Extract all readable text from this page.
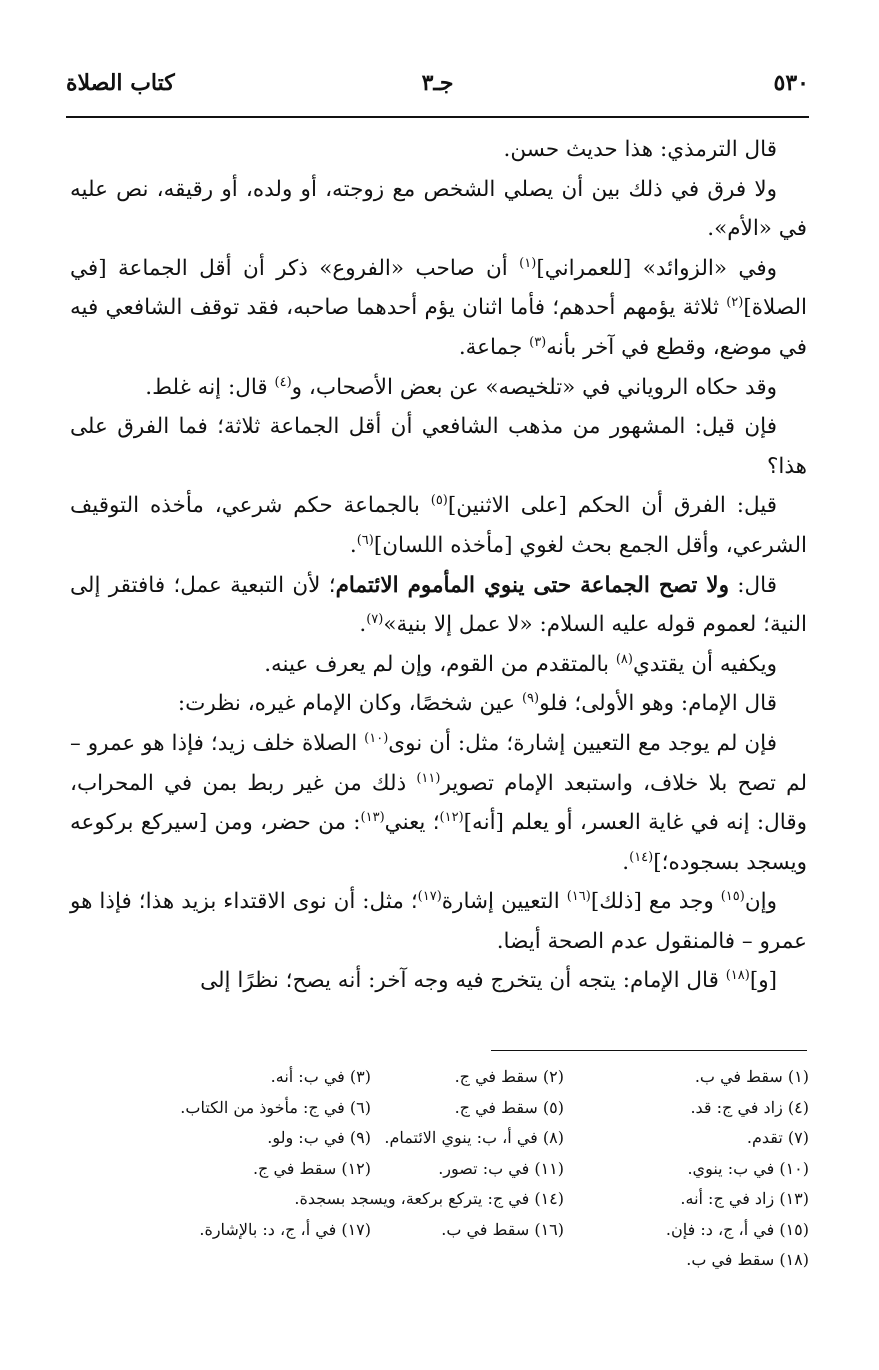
٥٣٠
جـ٣
كتاب الصلاة

قال الترمذي: هذا حديث حسن.

ولا فرق في ذلك بين أن يصلي الشخص مع زوجته، أو ولده، أو رقيقه، نص عليه في «الأم».

وفي «الزوائد» [للعمراني]$^{(١)}$ أن صاحب «الفروع» ذكر أن أقل الجماعة [في الصلاة]$^{(٢)}$ ثلاثة يؤمهم أحدهم؛ فأما اثنان يؤم أحدهما صاحبه، فقد توقف الشافعي فيه في موضع، وقطع في آخر بأنه$^{(٣)}$ جماعة.

وقد حكاه الروياني في «تلخيصه» عن بعض الأصحاب، و$^{(٤)}$ قال: إنه غلط.

فإن قيل: المشهور من مذهب الشافعي أن أقل الجماعة ثلاثة؛ فما الفرق على هذا؟

قيل: الفرق أن الحكم [على الاثنين]$^{(٥)}$ بالجماعة حكم شرعي، مأخذه التوقيف الشرعي، وأقل الجمع بحث لغوي [مأخذه اللسان]$^{(٦)}$.

قال: ولا تصح الجماعة حتى ينوي المأموم الائتمام؛ لأن التبعية عمل؛ فافتقر إلى النية؛ لعموم قوله عليه السلام: «لا عمل إلا بنية»$^{(٧)}$.

ويكفيه أن يقتدي$^{(٨)}$ بالمتقدم من القوم، وإن لم يعرف عينه.

قال الإمام: وهو الأولى؛ فلو$^{(٩)}$ عين شخصًا، وكان الإمام غيره، نظرت:

فإن لم يوجد مع التعيين إشارة؛ مثل: أن نوى$^{(١٠)}$ الصلاة خلف زيد؛ فإذا هو عمرو – لم تصح بلا خلاف، واستبعد الإمام تصوير$^{(١١)}$ ذلك من غير ربط بمن في المحراب، وقال: إنه في غاية العسر، أو يعلم [أنه]$^{(١٢)}$؛ يعني$^{(١٣)}$: من حضر، ومن [سيركع بركوعه ويسجد بسجوده؛]$^{(١٤)}$.

وإن$^{(١٥)}$ وجد مع [ذلك]$^{(١٦)}$ التعيين إشارة$^{(١٧)}$؛ مثل: أن نوى الاقتداء بزيد هذا؛ فإذا هو عمرو – فالمنقول عدم الصحة أيضا.

[و]$^{(١٨)}$ قال الإمام: يتجه أن يتخرج فيه وجه آخر: أنه يصح؛ نظرًا إلى

(١) سقط في ب.
(٢) سقط في ج.
(٣) في ب: أنه.
(٤) زاد في ج: قد.
(٥) سقط في ج.
(٦) في ج: مأخوذ من الكتاب.
(٧) تقدم.
(٨) في أ، ب: ينوي الائتمام.
(٩) في ب: ولو.
(١٠) في ب: ينوي.
(١١) في ب: تصور.
(١٢) سقط في ج.
(١٣) زاد في ج: أنه.
(١٤) في ج: يتركع بركعة، ويسجد بسجدة.
(١٥) في أ، ج، د: فإن.
(١٦) سقط في ب.
(١٧) في أ، ج، د: بالإشارة.
(١٨) سقط في ب.
